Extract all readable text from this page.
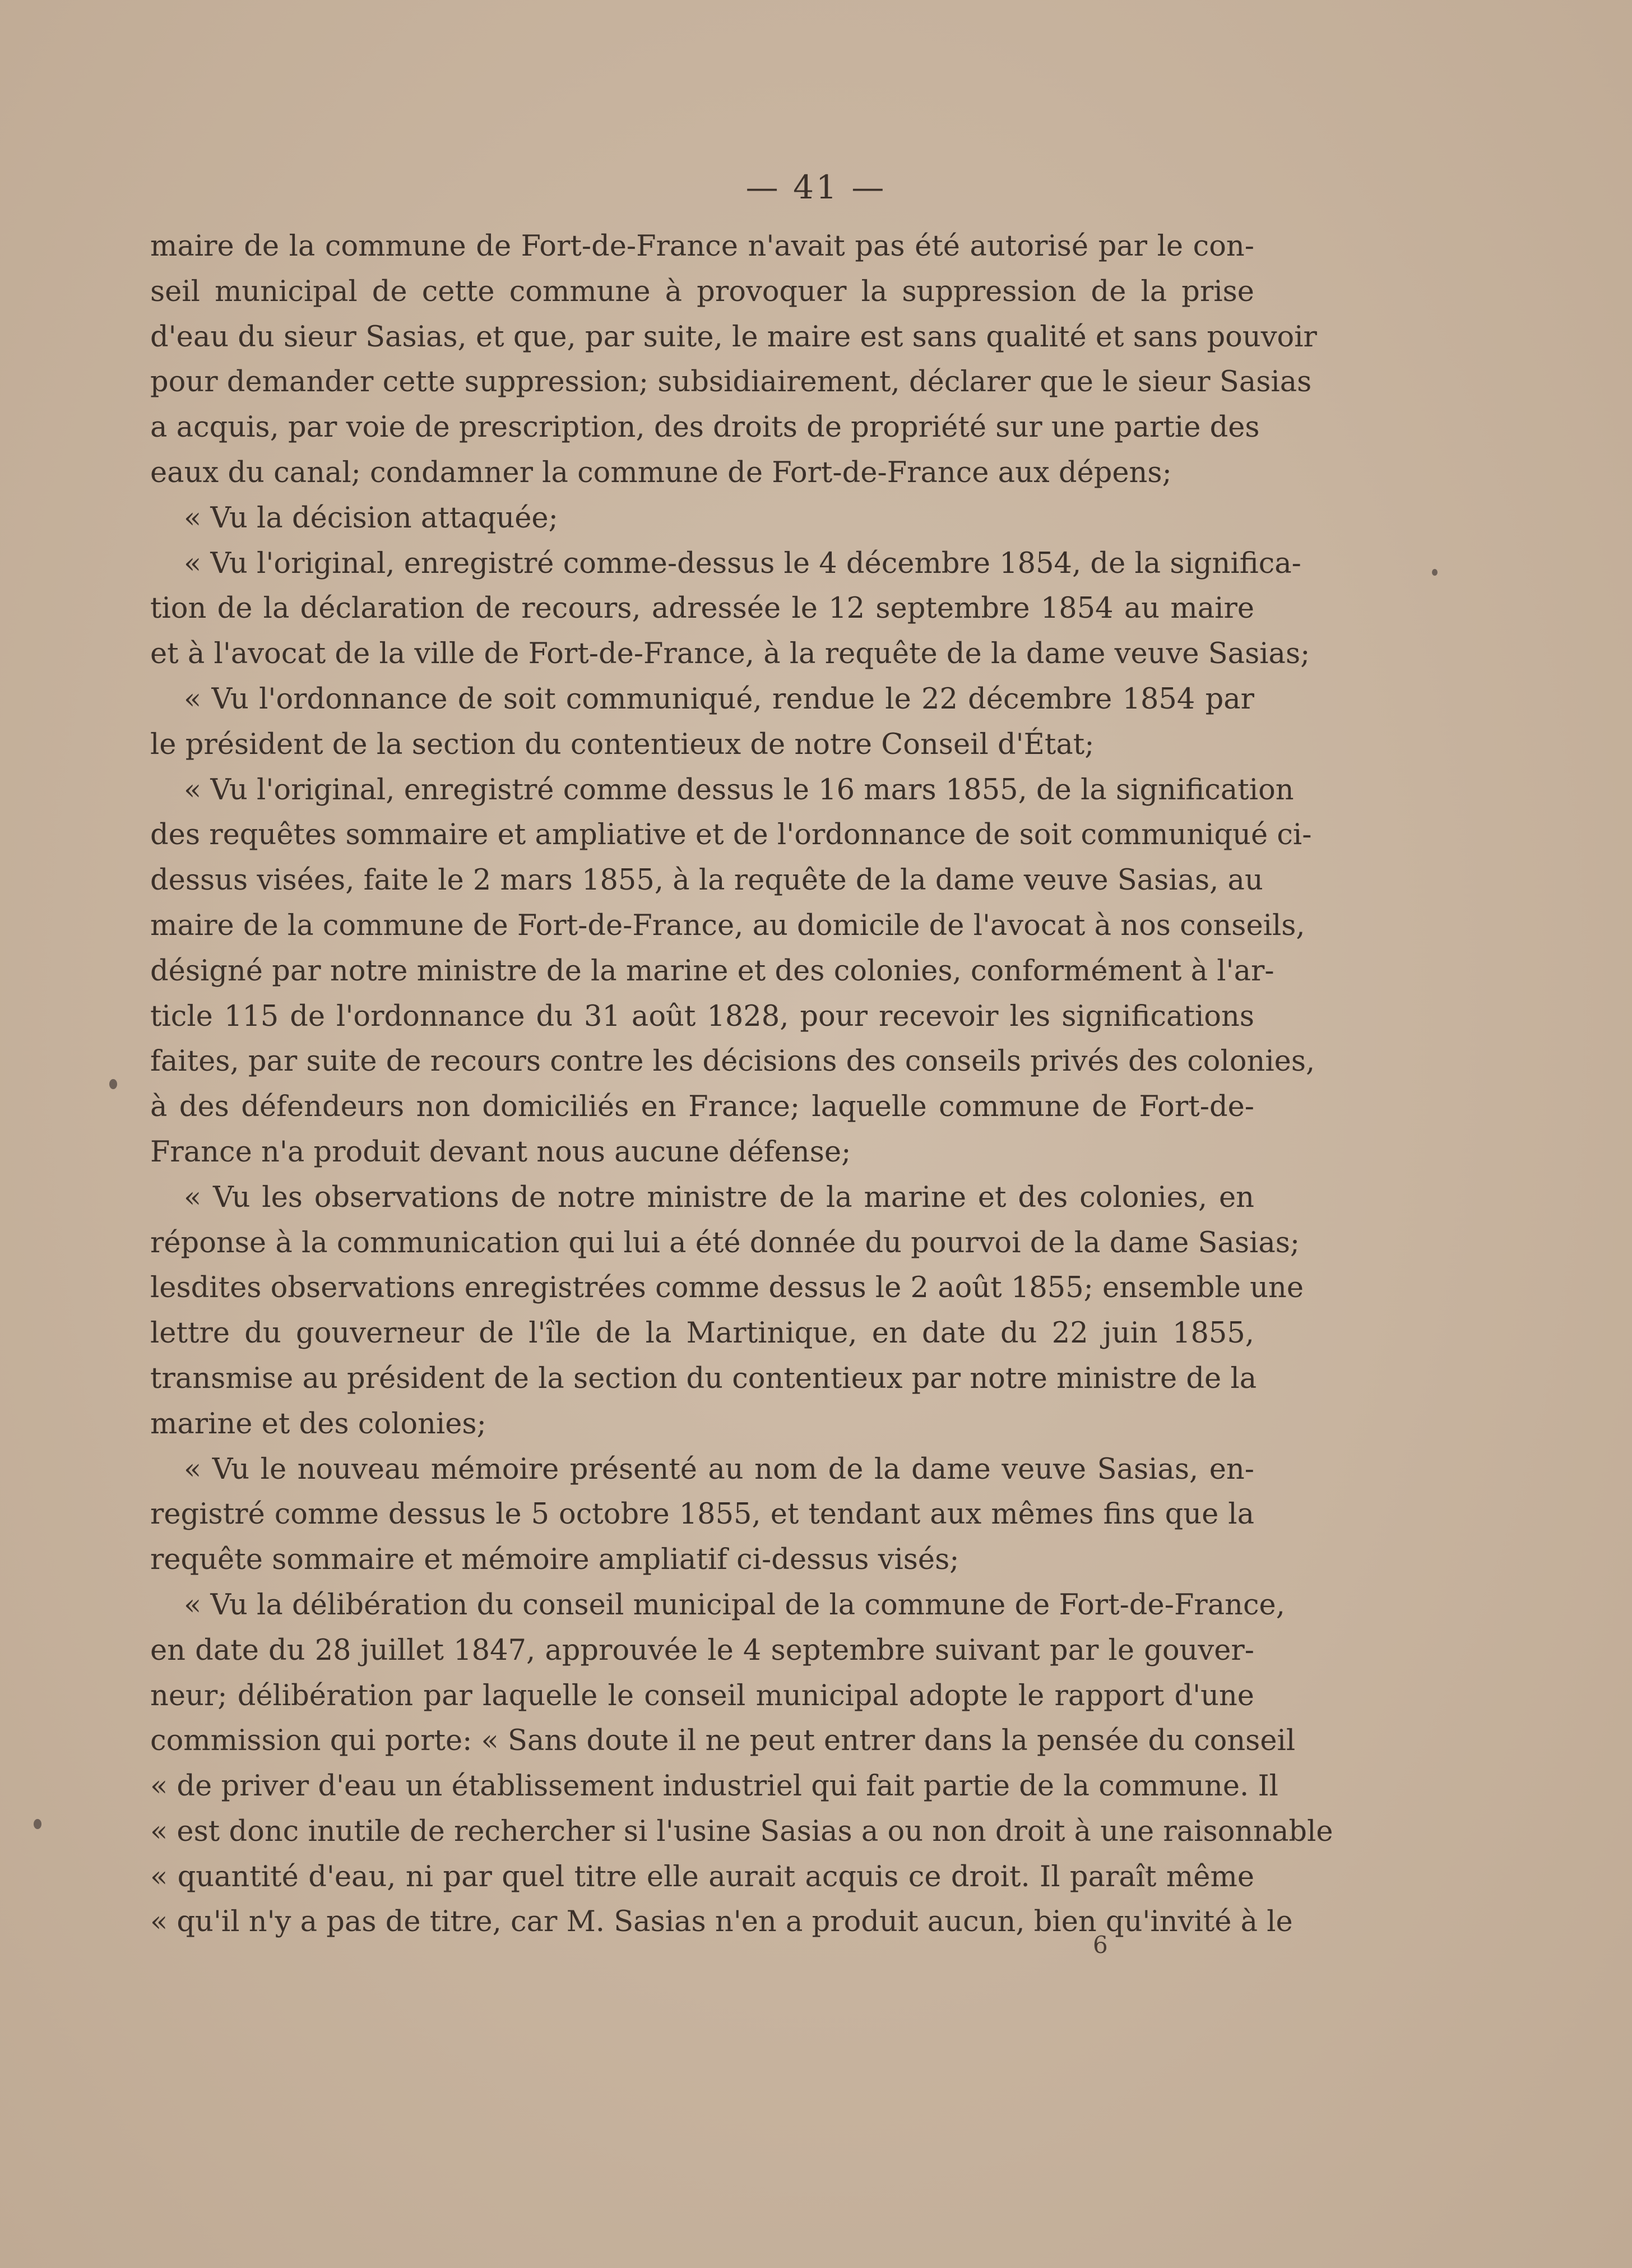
— 41 —
maire de la commune de Fort-de-France n'avait pas été autorisé par le con-
seil municipal de cette commune à provoquer la suppression de la prise
d'eau du sieur Sasias, et que, par suite, le maire est sans qualité et sans pouvoir
pour demander cette suppression; subsidiairement, déclarer que le sieur Sasias
a acquis, par voie de prescription, des droits de propriété sur une partie des
eaux du canal; condamner la commune de Fort-de-France aux dépens;
« Vu la décision attaquée;
« Vu l'original, enregistré comme-dessus le 4 décembre 1854, de la significa-
tion de la déclaration de recours, adressée le 12 septembre 1854 au maire
et à l'avocat de la ville de Fort-de-France, à la requête de la dame veuve Sasias;
« Vu l'ordonnance de soit communiqué, rendue le 22 décembre 1854 par
le président de la section du contentieux de notre Conseil d'État;
« Vu l'original, enregistré comme dessus le 16 mars 1855, de la signification
des requêtes sommaire et ampliative et de l'ordonnance de soit communiqué ci-
dessus visées, faite le 2 mars 1855, à la requête de la dame veuve Sasias, au
maire de la commune de Fort-de-France, au domicile de l'avocat à nos conseils,
désigné par notre ministre de la marine et des colonies, conformément à l'ar-
ticle 115 de l'ordonnance du 31 août 1828, pour recevoir les significations
faites, par suite de recours contre les décisions des conseils privés des colonies,
à des défendeurs non domiciliés en France; laquelle commune de Fort-de-
France n'a produit devant nous aucune défense;
« Vu les observations de notre ministre de la marine et des colonies, en
réponse à la communication qui lui a été donnée du pourvoi de la dame Sasias;
lesdites observations enregistrées comme dessus le 2 août 1855; ensemble une
lettre du gouverneur de l'île de la Martinique, en date du 22 juin 1855,
transmise au président de la section du contentieux par notre ministre de la
marine et des colonies;
« Vu le nouveau mémoire présenté au nom de la dame veuve Sasias, en-
registré comme dessus le 5 octobre 1855, et tendant aux mêmes fins que la
requête sommaire et mémoire ampliatif ci-dessus visés;
« Vu la délibération du conseil municipal de la commune de Fort-de-France,
en date du 28 juillet 1847, approuvée le 4 septembre suivant par le gouver-
neur; délibération par laquelle le conseil municipal adopte le rapport d'une
commission qui porte: « Sans doute il ne peut entrer dans la pensée du conseil
« de priver d'eau un établissement industriel qui fait partie de la commune. Il
« est donc inutile de rechercher si l'usine Sasias a ou non droit à une raisonnable
« quantité d'eau, ni par quel titre elle aurait acquis ce droit. Il paraît même
« qu'il n'y a pas de titre, car M. Sasias n'en a produit aucun, bien qu'invité à le
6
